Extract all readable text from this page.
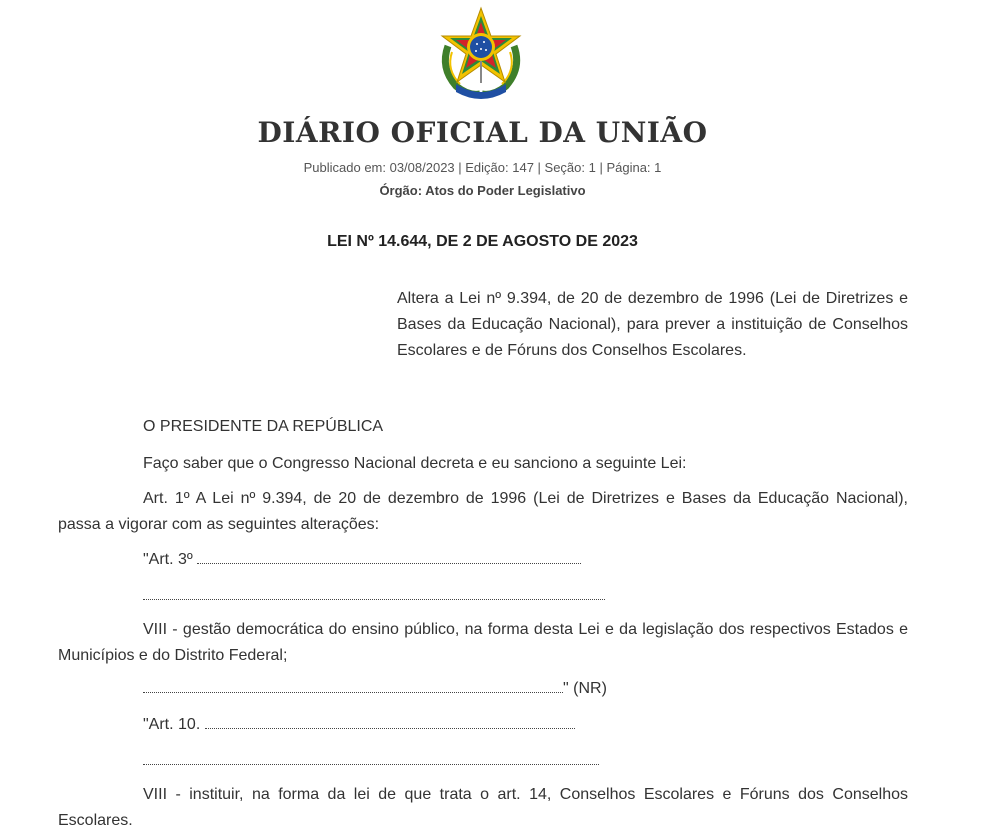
DIÁRIO OFICIAL DA UNIÃO
Publicado em: 03/08/2023 | Edição: 147 | Seção: 1 | Página: 1
Órgão: Atos do Poder Legislativo
LEI Nº 14.644, DE 2 DE AGOSTO DE 2023
Altera a Lei nº 9.394, de 20 de dezembro de 1996 (Lei de Diretrizes e Bases da Educação Nacional), para prever a instituição de Conselhos Escolares e de Fóruns dos Conselhos Escolares.

O PRESIDENTE DA REPÚBLICA

Faço saber que o Congresso Nacional decreta e eu sanciono a seguinte Lei:

Art. 1º A Lei nº 9.394, de 20 de dezembro de 1996 (Lei de Diretrizes e Bases da Educação Nacional), passa a vigorar com as seguintes alterações:

"Art. 3º

VIII - gestão democrática do ensino público, na forma desta Lei e da legislação dos respectivos Estados e Municípios e do Distrito Federal;

" (NR)
"Art. 10.

VIII - instituir, na forma da lei de que trata o art. 14, Conselhos Escolares e Fóruns dos Conselhos Escolares.
